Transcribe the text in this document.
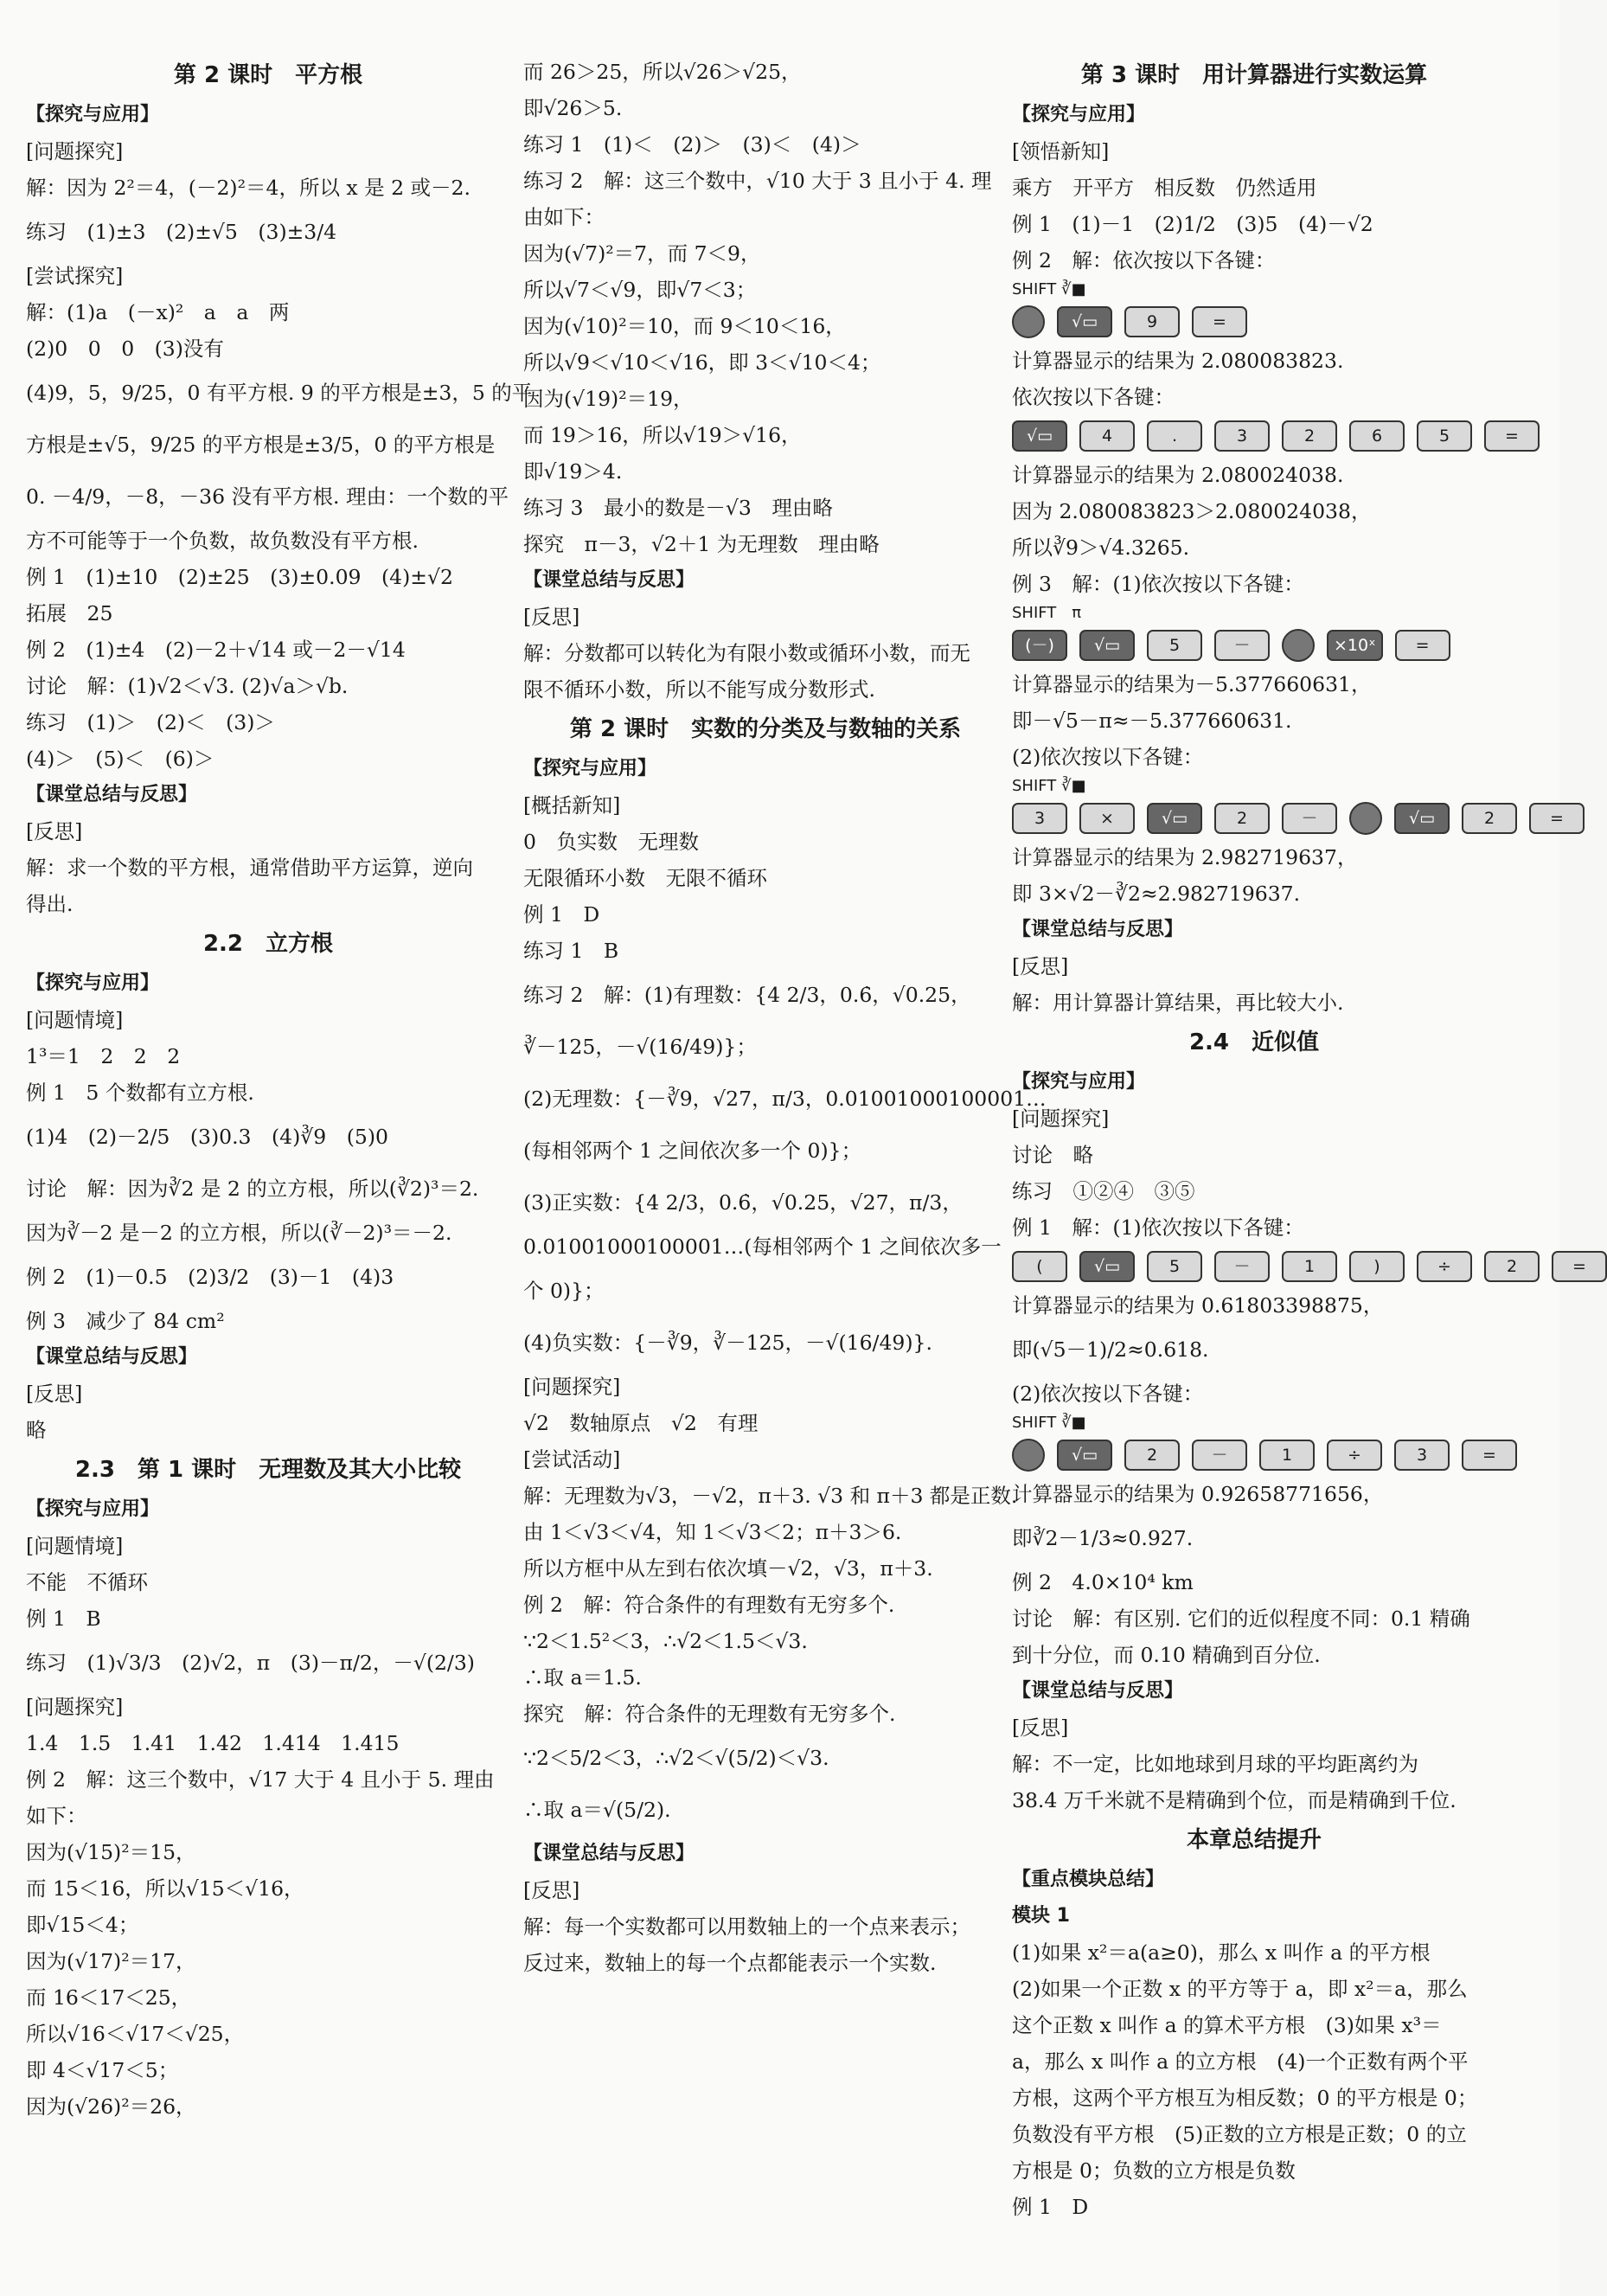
第 2 课时　平方根
【探究与应用】
[问题探究]
解：因为 2²＝4，(－2)²＝4，所以 x 是 2 或－2.
练习　(1)±3　(2)±√5　(3)±3/4
[尝试探究]
解：(1)a　(－x)²　a　a　两
(2)0　0　0　(3)没有
(4)9，5，9/25，0 有平方根. 9 的平方根是±3，5 的平
方根是±√5，9/25 的平方根是±3/5，0 的平方根是
0. －4/9，－8，－36 没有平方根. 理由：一个数的平
方不可能等于一个负数，故负数没有平方根.
例 1　(1)±10　(2)±25　(3)±0.09　(4)±√2
拓展　25
例 2　(1)±4　(2)－2＋√14 或－2－√14
讨论　解：(1)√2＜√3. (2)√a＞√b.
练习　(1)＞　(2)＜　(3)＞
(4)＞　(5)＜　(6)＞
【课堂总结与反思】
[反思]
解：求一个数的平方根，通常借助平方运算，逆向
得出.
2.2　立方根
【探究与应用】
[问题情境]
1³＝1　2　2　2
例 1　5 个数都有立方根.
(1)4　(2)－2/5　(3)0.3　(4)∛9　(5)0
讨论　解：因为∛2 是 2 的立方根，所以(∛2)³＝2.
因为∛－2 是－2 的立方根，所以(∛－2)³＝－2.
例 2　(1)－0.5　(2)3/2　(3)－1　(4)3
例 3　减少了 84 cm²
【课堂总结与反思】
[反思]
略
2.3　第 1 课时　无理数及其大小比较
【探究与应用】
[问题情境]
不能　不循环
例 1　B
练习　(1)√3/3　(2)√2，π　(3)－π/2，－√(2/3)
[问题探究]
1.4　1.5　1.41　1.42　1.414　1.415
例 2　解：这三个数中，√17 大于 4 且小于 5. 理由
如下：
因为(√15)²＝15，
而 15＜16，所以√15＜√16，
即√15＜4；
因为(√17)²＝17，
而 16＜17＜25，
所以√16＜√17＜√25，
即 4＜√17＜5；
因为(√26)²＝26，
而 26＞25，所以√26＞√25，
即√26＞5.
练习 1　(1)＜　(2)＞　(3)＜　(4)＞
练习 2　解：这三个数中，√10 大于 3 且小于 4. 理
由如下：
因为(√7)²＝7，而 7＜9，
所以√7＜√9，即√7＜3；
因为(√10)²＝10，而 9＜10＜16，
所以√9＜√10＜√16，即 3＜√10＜4；
因为(√19)²＝19，
而 19＞16，所以√19＞√16，
即√19＞4.
练习 3　最小的数是－√3　理由略
探究　π－3，√2＋1 为无理数　理由略
【课堂总结与反思】
[反思]
解：分数都可以转化为有限小数或循环小数，而无
限不循环小数，所以不能写成分数形式.
第 2 课时　实数的分类及与数轴的关系
【探究与应用】
[概括新知]
0　负实数　无理数
无限循环小数　无限不循环
例 1　D
练习 1　B
练习 2　解：(1)有理数：{4 2/3，0.6̇，√0.25，
∛－125，－√(16/49)}；
(2)无理数：{－∛9，√27，π/3，0.01001000100001…
(每相邻两个 1 之间依次多一个 0)}；
(3)正实数：{4 2/3，0.6̇，√0.25，√27，π/3，
0.01001000100001…(每相邻两个 1 之间依次多一
个 0)}；
(4)负实数：{－∛9，∛－125，－√(16/49)}.
[问题探究]
√2　数轴原点　√2　有理
[尝试活动]
解：无理数为√3，－√2，π＋3. √3 和 π＋3 都是正数.
由 1＜√3＜√4，知 1＜√3＜2；π＋3＞6.
所以方框中从左到右依次填－√2，√3，π＋3.
例 2　解：符合条件的有理数有无穷多个.
∵2＜1.5²＜3，∴√2＜1.5＜√3.
∴取 a＝1.5.
探究　解：符合条件的无理数有无穷多个.
∵2＜5/2＜3，∴√2＜√(5/2)＜√3.
∴取 a＝√(5/2).
【课堂总结与反思】
[反思]
解：每一个实数都可以用数轴上的一个点来表示；
反过来，数轴上的每一个点都能表示一个实数.
第 3 课时　用计算器进行实数运算
【探究与应用】
[领悟新知]
乘方　开平方　相反数　仍然适用
例 1　(1)－1　(2)1/2　(3)5　(4)－√2
例 2　解：依次按以下各键：
SHIFT ∛■
√▭	9	=
计算器显示的结果为 2.080083823.
依次按以下各键：
√▭	4	.	3	2	6	5	=
计算器显示的结果为 2.080024038.
因为 2.080083823＞2.080024038，
所以∛9＞√4.3265.
例 3　解：(1)依次按以下各键：
SHIFT　π
(－)	√▭	5	－	×10ˣ	=
计算器显示的结果为－5.377660631，
即－√5－π≈－5.377660631.
(2)依次按以下各键：
SHIFT ∛■
3	×	√▭	2	－	√▭	2	=
计算器显示的结果为 2.982719637，
即 3×√2－∛2≈2.982719637.
【课堂总结与反思】
[反思]
解：用计算器计算结果，再比较大小.
2.4　近似值
【探究与应用】
[问题探究]
讨论　略
练习　①②④　③⑤
例 1　解：(1)依次按以下各键：
(	√▭	5	－	1	)	÷	2	=
计算器显示的结果为 0.61803398875，
即(√5－1)/2≈0.618.
(2)依次按以下各键：
SHIFT ∛■
√▭	2	－	1	÷	3	=
计算器显示的结果为 0.92658771656，
即∛2－1/3≈0.927.
例 2　4.0×10⁴ km
讨论　解：有区别. 它们的近似程度不同：0.1 精确
到十分位，而 0.10 精确到百分位.
【课堂总结与反思】
[反思]
解：不一定，比如地球到月球的平均距离约为
38.4 万千米就不是精确到个位，而是精确到千位.
本章总结提升
【重点模块总结】
模块 1
(1)如果 x²＝a(a≥0)，那么 x 叫作 a 的平方根
(2)如果一个正数 x 的平方等于 a，即 x²＝a，那么
这个正数 x 叫作 a 的算术平方根　(3)如果 x³＝
a，那么 x 叫作 a 的立方根　(4)一个正数有两个平
方根，这两个平方根互为相反数；0 的平方根是 0；
负数没有平方根　(5)正数的立方根是正数；0 的立
方根是 0；负数的立方根是负数
例 1　D
